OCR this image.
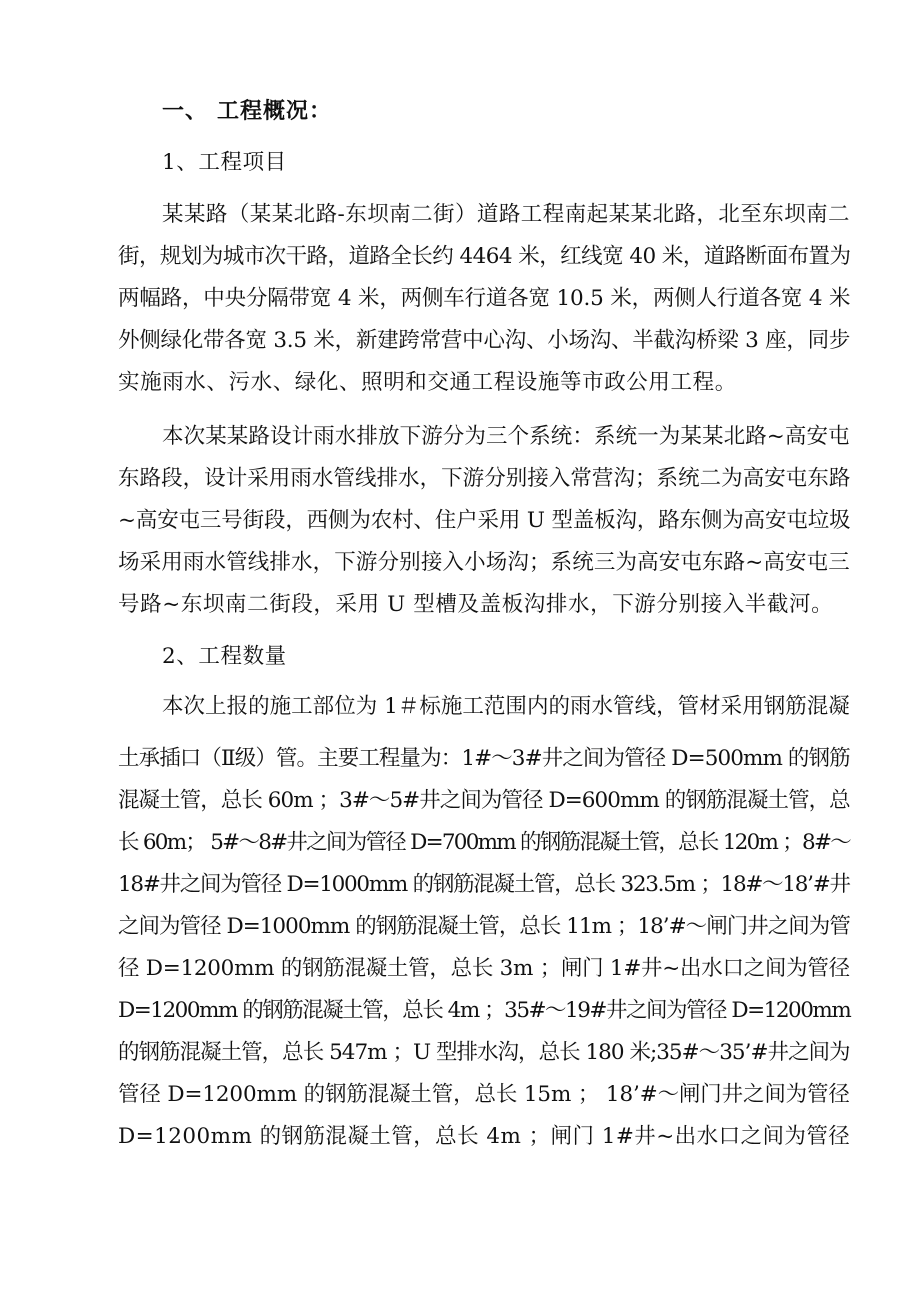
一、 工程概况：
1、工程项目
某某路（某某北路-东坝南二街）道路工程南起某某北路，北至东坝南二
街，规划为城市次干路，道路全长约 4464 米，红线宽 40 米，道路断面布置为
两幅路，中央分隔带宽 4 米，两侧车行道各宽 10.5 米，两侧人行道各宽 4 米
外侧绿化带各宽 3.5 米，新建跨常营中心沟、小场沟、半截沟桥梁 3 座，同步
实施雨水、污水、绿化、照明和交通工程设施等市政公用工程。
本次某某路设计雨水排放下游分为三个系统：系统一为某某北路~高安屯
东路段，设计采用雨水管线排水，下游分别接入常营沟；系统二为高安屯东路
~高安屯三号街段，西侧为农村、住户采用 U 型盖板沟，路东侧为高安屯垃圾
场采用雨水管线排水，下游分别接入小场沟；系统三为高安屯东路~高安屯三
号路~东坝南二街段，采用 U 型槽及盖板沟排水，下游分别接入半截河。
2、工程数量
本次上报的施工部位为 1＃标施工范围内的雨水管线，管材采用钢筋混凝
土承插口（Ⅱ级）管。主要工程量为：1#～3#井之间为管径 D=500mm 的钢筋
混凝土管，总长 60m ；3#～5#井之间为管径 D=600mm 的钢筋混凝土管，总
长 60m； 5#～8#井之间为管径 D=700mm 的钢筋混凝土管，总长 120m ；8#～
18#井之间为管径 D=1000mm 的钢筋混凝土管，总长 323.5m ；18#～18’#井
之间为管径 D=1000mm 的钢筋混凝土管，总长 11m ；18’#～闸门井之间为管
径 D=1200mm 的钢筋混凝土管，总长 3m ；闸门 1#井~出水口之间为管径
D=1200mm 的钢筋混凝土管，总长 4m ；35#～19#井之间为管径 D=1200mm
的钢筋混凝土管，总长 547m ；U 型排水沟，总长 180 米;35#～35’#井之间为
管径 D=1200mm 的钢筋混凝土管，总长 15m ； 18’#～闸门井之间为管径
D=1200mm 的钢筋混凝土管，总长 4m ；闸门 1#井~出水口之间为管径
